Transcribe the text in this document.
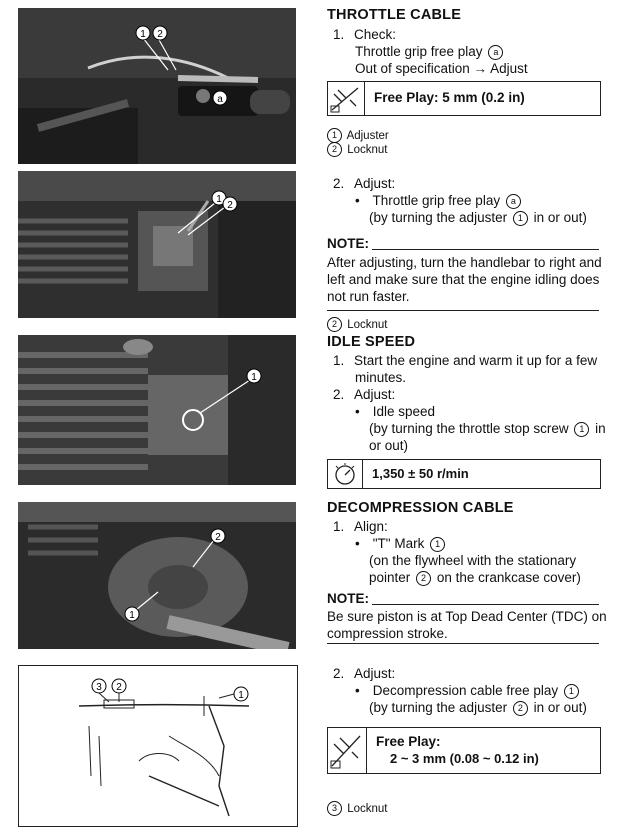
1 2
a
1
2
1
2
1
1
3 2
THROTTLE CABLE
1. Check:
Throttle grip free play a
Out of specification → Adjust
Free Play: 5 mm (0.2 in)
1 Adjuster
2 Locknut
2. Adjust:
• Throttle grip free play a
(by turning the adjuster 1 in or out)
NOTE:
After adjusting, turn the handlebar to right and
left and make sure that the engine idling does
not run faster.
2 Locknut
IDLE SPEED
1. Start the engine and warm it up for a few
minutes.
2. Adjust:
• Idle speed
(by turning the throttle stop screw 1 in
or out)
1,350 ± 50 r/min
DECOMPRESSION CABLE
1. Align:
• "T" Mark 1
(on the flywheel with the stationary
pointer 2 on the crankcase cover)
NOTE:
Be sure piston is at Top Dead Center (TDC) on
compression stroke.
2. Adjust:
• Decompression cable free play 1
(by turning the adjuster 2 in or out)
Free Play:
2 ~ 3 mm (0.08 ~ 0.12 in)
3 Locknut
